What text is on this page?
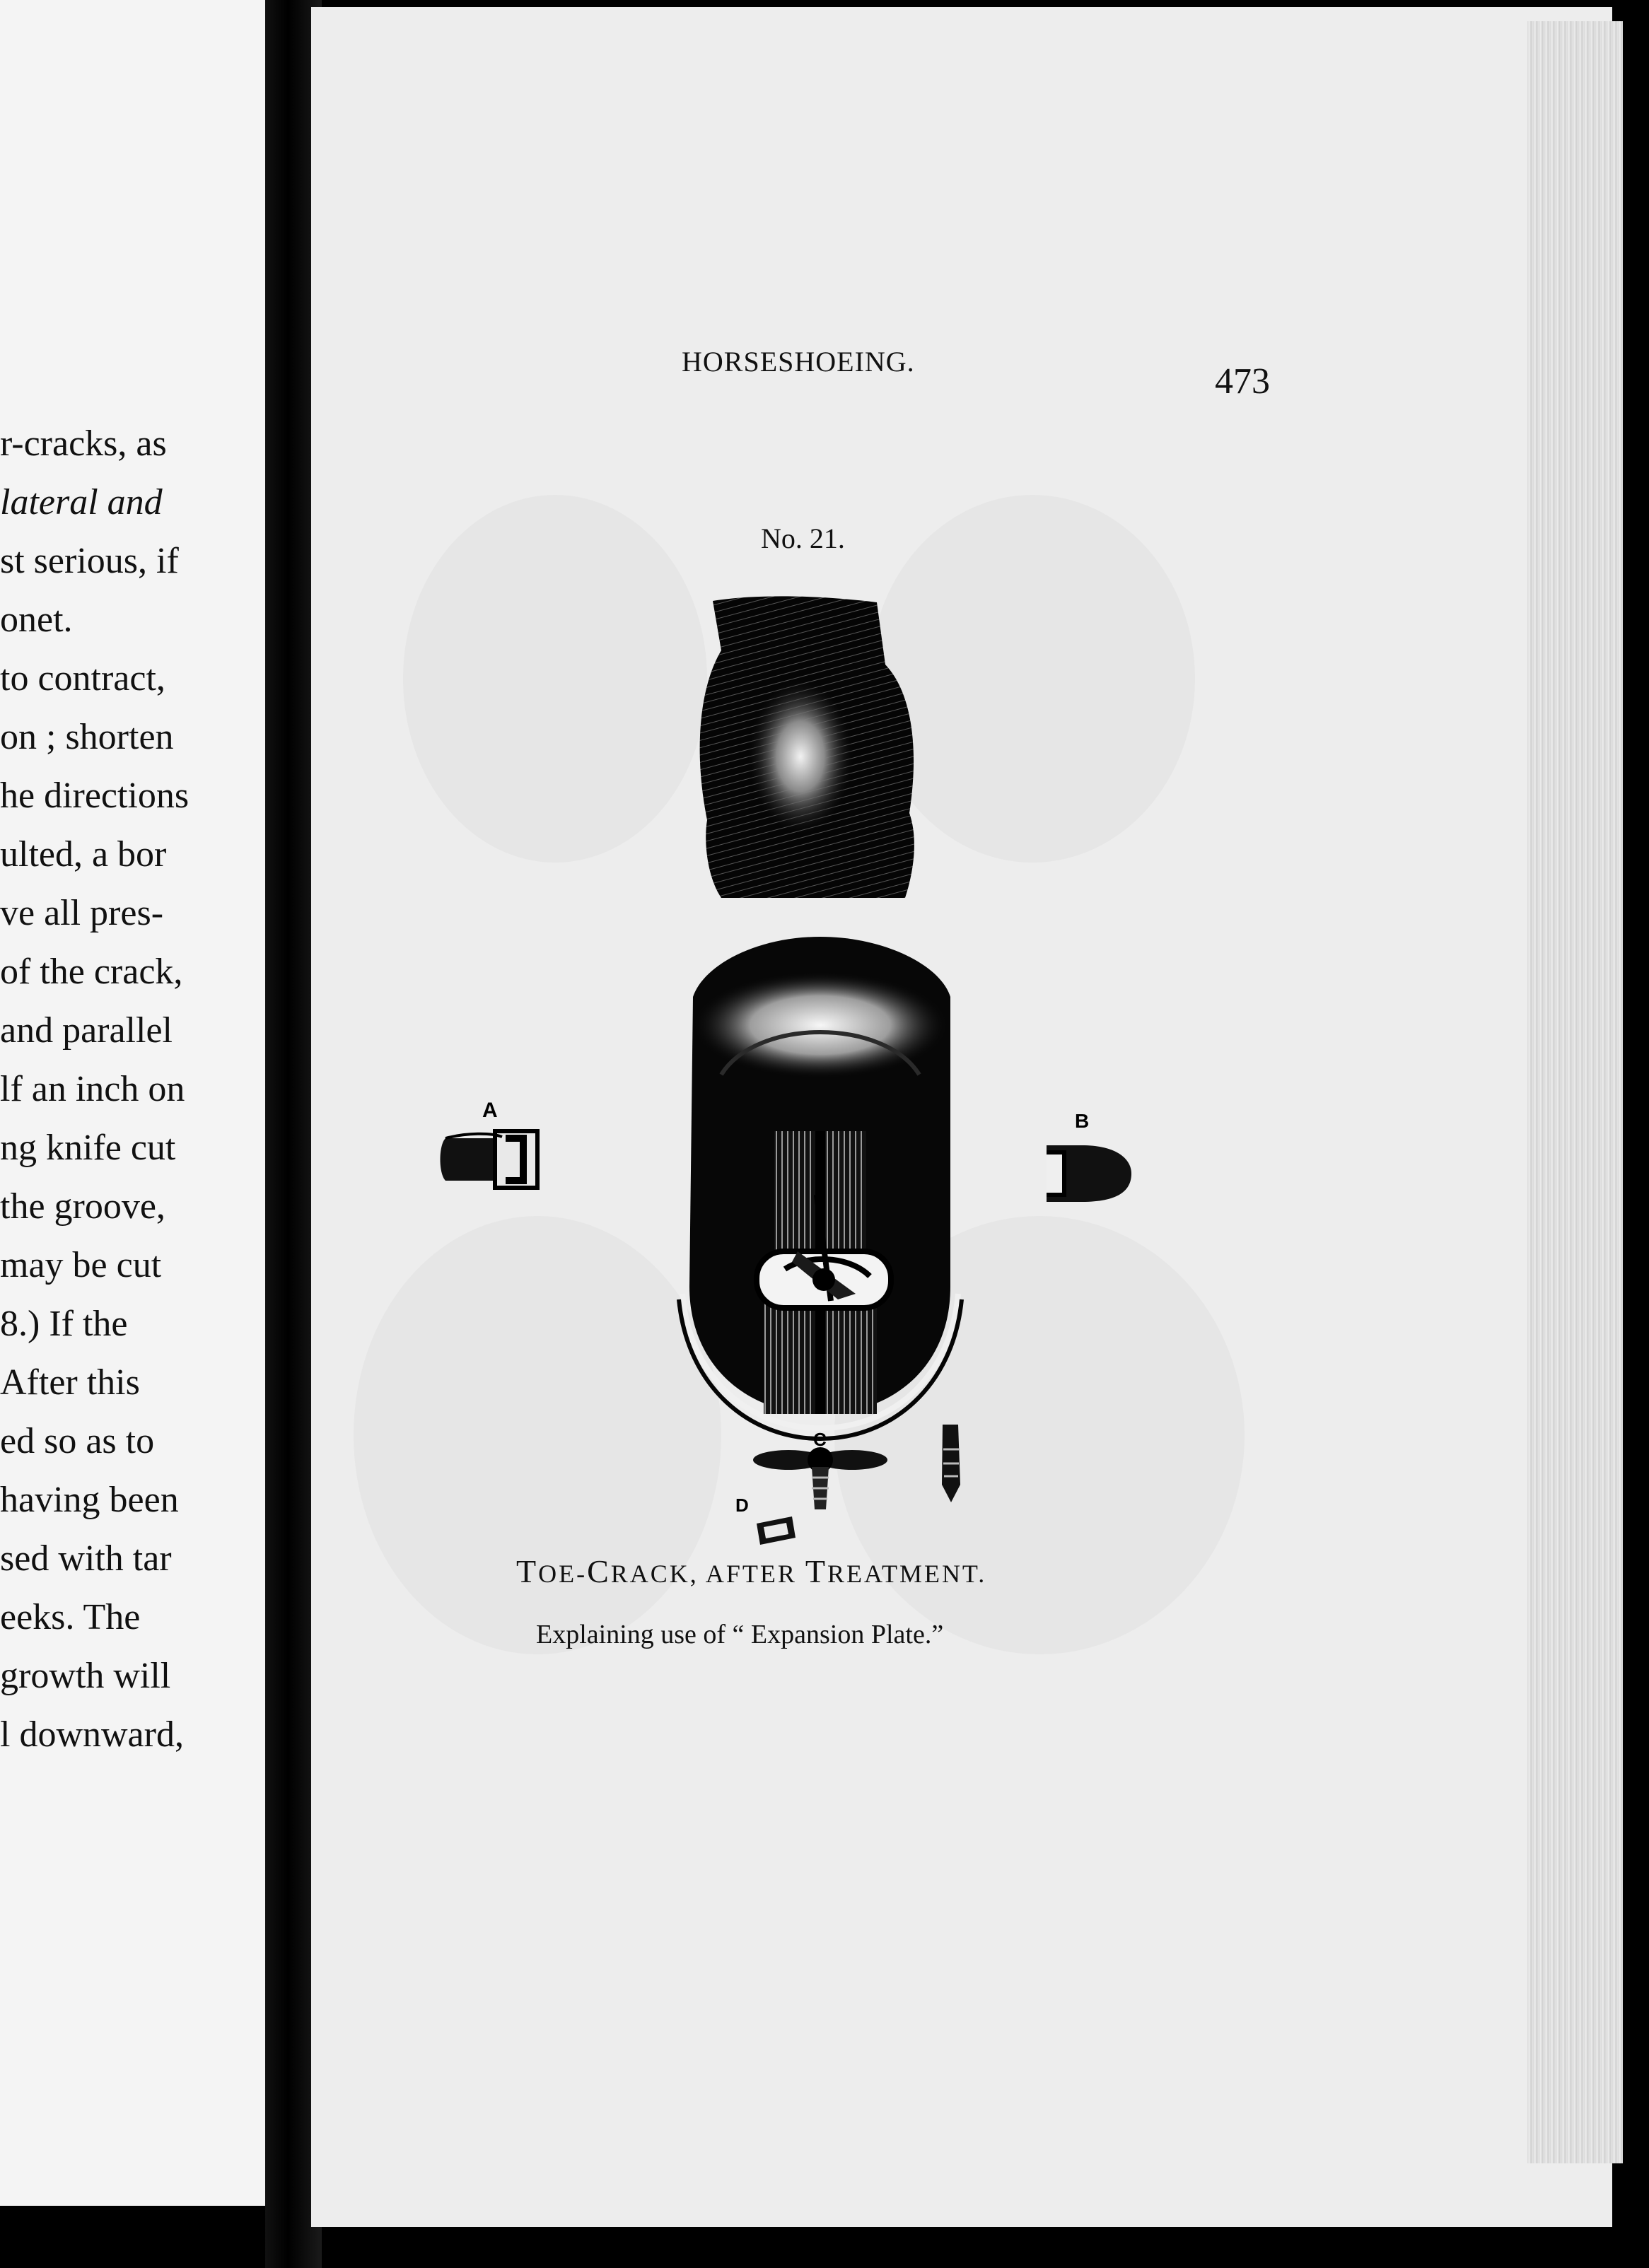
r-cracks, as
lateral and
st serious, if
onet.
to contract,
on ; shorten
he directions
ulted, a bor
ve all pres-
of the crack,
and parallel
lf an inch on
ng knife cut
the groove,
may be cut
8.) If the
After this
ed so as to
having been
sed with tar
eeks. The
growth will
l downward,
HORSESHOEING.	473
No. 21.
A	B
C
D
TOE-CRACK, AFTER TREATMENT.
Explaining use of “ Expansion Plate.”
